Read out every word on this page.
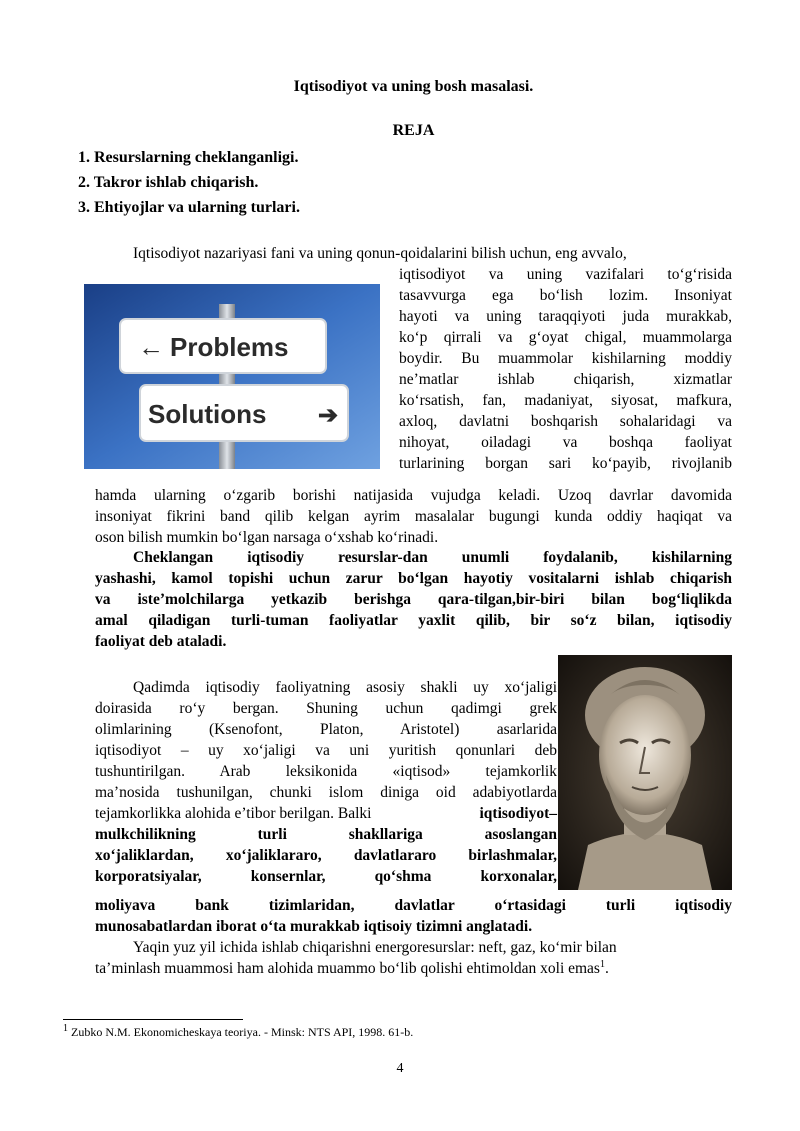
Iqtisodiyot va uning bosh masalasi.
REJA
1. Resurslarning cheklanganligi.
2. Takror ishlab chiqarish.
3. Ehtiyojlar va ularning turlari.
Iqtisodiyot nazariyasi fani va uning qonun-qoidalarini bilish uchun, eng avvalo,
← Problems
Solutions ➔
iqtisodiyot va uning vazifalari to‘g‘risida
tasavvurga ega bo‘lish lozim. Insoniyat
hayoti va uning taraqqiyoti juda murakkab,
ko‘p qirrali va g‘oyat chigal, muammolarga
boydir. Bu muammolar kishilarning moddiy
ne’matlar ishlab chiqarish, xizmatlar
ko‘rsatish, fan, madaniyat, siyosat, mafkura,
axloq, davlatni boshqarish sohalaridagi va
nihoyat, oiladagi va boshqa faoliyat
turlarining borgan sari ko‘payib, rivojlanib
hamda ularning o‘zgarib borishi natijasida vujudga keladi. Uzoq davrlar davomida
insoniyat fikrini band qilib kelgan ayrim masalalar bugungi kunda oddiy haqiqat va
oson bilish mumkin bo‘lgan narsaga o‘xshab ko‘rinadi.
Cheklangan iqtisodiy resurslar-dan unumli foydalanib, kishilarning
yashashi, kamol topishi uchun zarur bo‘lgan hayotiy vositalarni ishlab chiqarish
va iste’molchilarga yetkazib berishga qara-tilgan,bir-biri bilan bog‘liqlikda
amal qiladigan turli-tuman faoliyatlar yaxlit qilib, bir so‘z bilan, iqtisodiy
faoliyat deb ataladi.
Qadimda iqtisodiy faoliyatning asosiy shakli uy xo‘jaligi
doirasida ro‘y bergan. Shuning uchun qadimgi grek
olimlarining (Ksenofont, Platon, Aristotel) asarlarida
iqtisodiyot – uy xo‘jaligi va uni yuritish qonunlari deb
tushuntirilgan. Arab leksikonida «iqtisod» tejamkorlik
ma’nosida tushunilgan, chunki islom diniga oid adabiyotlarda
tejamkorlikka alohida e’tibor berilgan. Balki	iqtisodiyot–
mulkchilikning turli shakllariga asoslangan
xo‘jaliklardan, xo‘jaliklararo, davlatlararo birlashmalar,
korporatsiyalar, konsernlar, qo‘shma korxonalar,
moliyava bank tizimlaridan, davlatlar o‘rtasidagi turli iqtisodiy
munosabatlardan iborat o‘ta murakkab iqtisoiy tizimni anglatadi.
Yaqin yuz yil ichida ishlab chiqarishni energoresurslar: neft, gaz, ko‘mir bilan
ta’minlash muammosi ham alohida muammo bo‘lib qolishi ehtimoldan xoli emas$^1$.
$^1$ Zubko N.M. Ekonomicheskaya teoriya. - Minsk: NTS API, 1998. 61-b.
4
